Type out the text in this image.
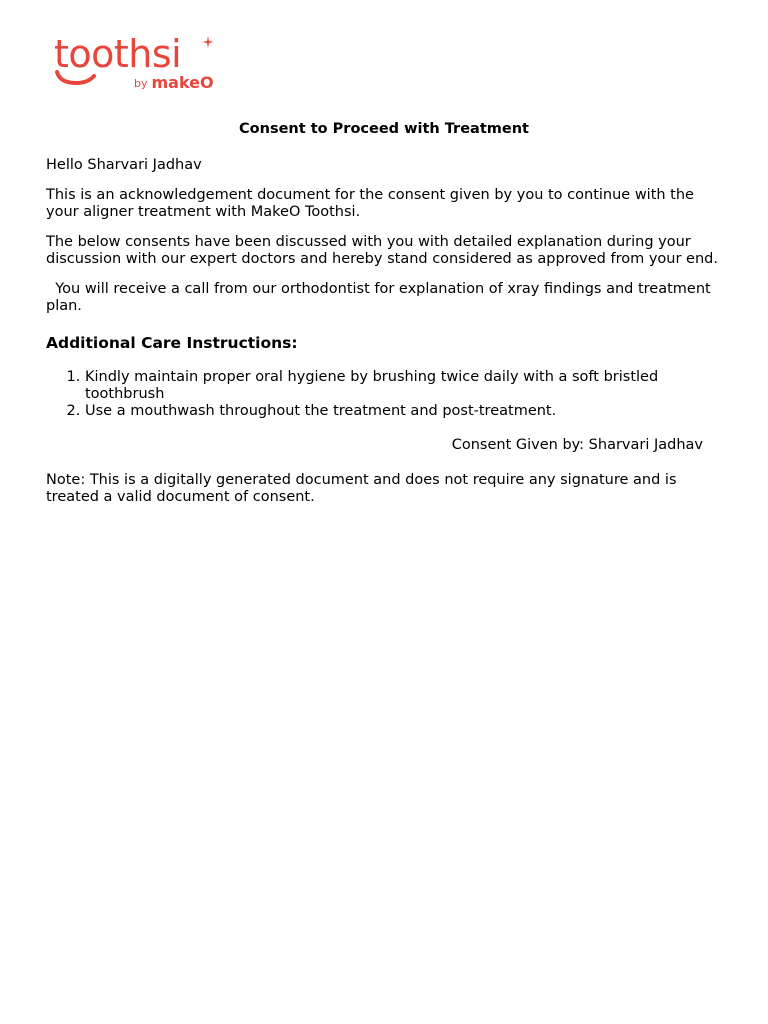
toothsi
by makeO
Consent to Proceed with Treatment

Hello Sharvari Jadhav

This is an acknowledgement document for the consent given by you to continue with the your aligner treatment with MakeO Toothsi.

The below consents have been discussed with you with detailed explanation during your discussion with our expert doctors and hereby stand considered as approved from your end.

You will receive a call from our orthodontist for explanation of xray findings and treatment plan.

Additional Care Instructions:
1. Kindly maintain proper oral hygiene by brushing twice daily with a soft bristled toothbrush
2. Use a mouthwash throughout the treatment and post-treatment.

Consent Given by: Sharvari Jadhav

Note: This is a digitally generated document and does not require any signature and is treated a valid document of consent.
